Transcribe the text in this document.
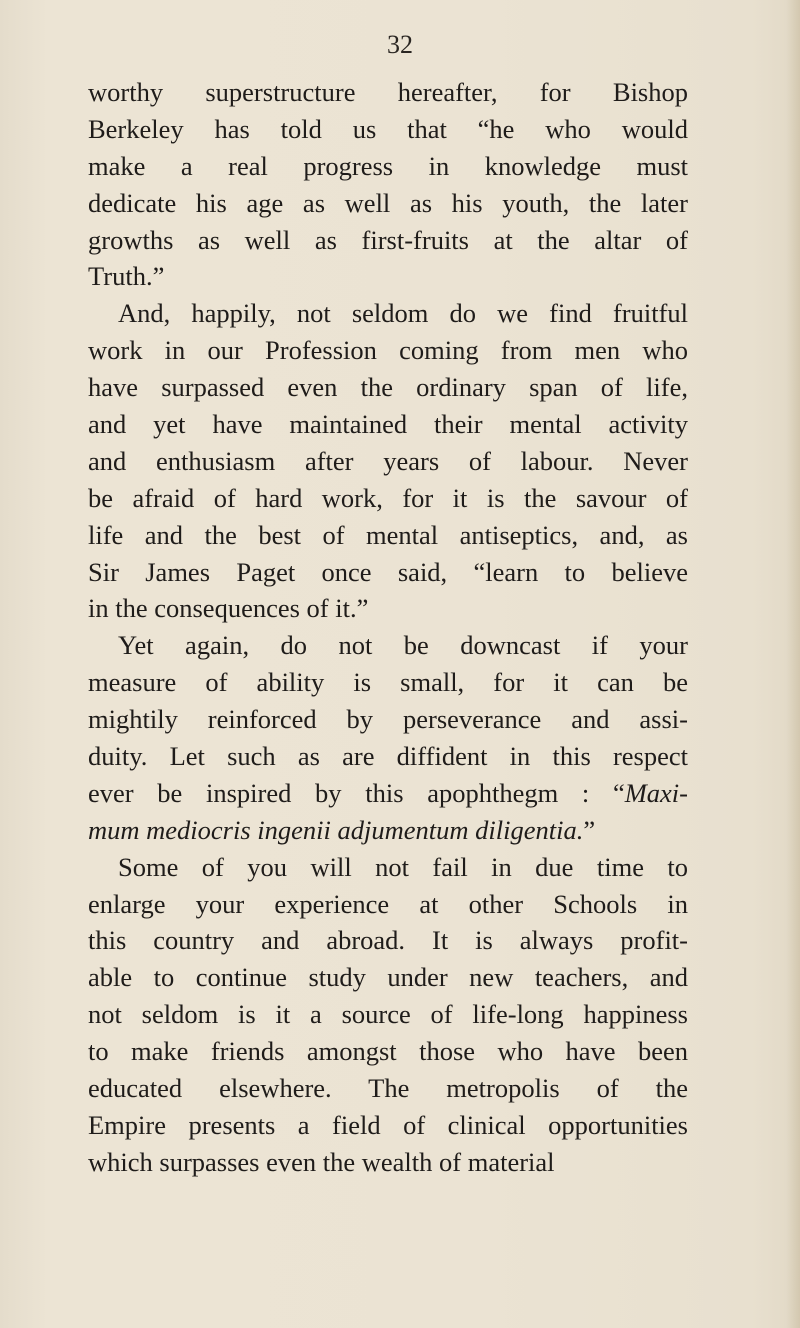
32
worthy superstructure hereafter, for Bishop
Berkeley has told us that “he who would
make a real progress in knowledge must
dedicate his age as well as his youth, the later
growths as well as first-fruits at the altar of
Truth.”
And, happily, not seldom do we find fruitful
work in our Profession coming from men who
have surpassed even the ordinary span of life,
and yet have maintained their mental activity
and enthusiasm after years of labour. Never
be afraid of hard work, for it is the savour of
life and the best of mental antiseptics, and, as
Sir James Paget once said, “learn to believe
in the consequences of it.”
Yet again, do not be downcast if your
measure of ability is small, for it can be
mightily reinforced by perseverance and assi-
duity. Let such as are diffident in this respect
ever be inspired by this apophthegm : “Maxi-
mum mediocris ingenii adjumentum diligentia.”
Some of you will not fail in due time to
enlarge your experience at other Schools in
this country and abroad. It is always profit-
able to continue study under new teachers, and
not seldom is it a source of life-long happiness
to make friends amongst those who have been
educated elsewhere. The metropolis of the
Empire presents a field of clinical opportunities
which surpasses even the wealth of material
